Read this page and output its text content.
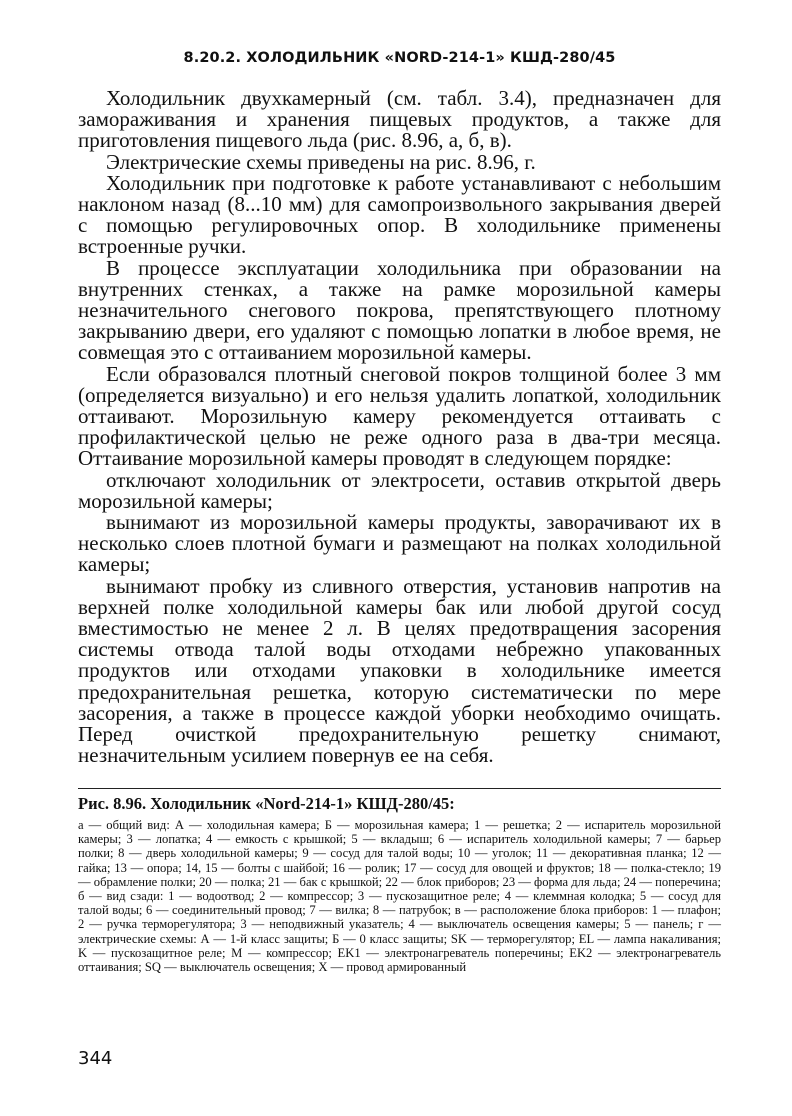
8.20.2. ХОЛОДИЛЬНИК «NORD-214-1» КШД-280/45

Холодильник двухкамерный (см. табл. 3.4), предназначен для замораживания и хранения пищевых продуктов, а также для приготовления пищевого льда (рис. 8.96, а, б, в).

Электрические схемы приведены на рис. 8.96, г.

Холодильник при подготовке к работе устанавливают с небольшим наклоном назад (8...10 мм) для самопроизвольного закрывания дверей с помощью регулировочных опор. В холодильнике применены встроенные ручки.

В процессе эксплуатации холодильника при образовании на внутренних стенках, а также на рамке морозильной камеры незначительного снегового покрова, препятствующего плотному закрыванию двери, его удаляют с помощью лопатки в любое время, не совмещая это с оттаиванием морозильной камеры.

Если образовался плотный снеговой покров толщиной более 3 мм (определяется визуально) и его нельзя удалить лопаткой, холодильник оттаивают. Морозильную камеру рекомендуется оттаивать с профилактической целью не реже одного раза в два-три месяца. Оттаивание морозильной камеры проводят в следующем порядке:

отключают холодильник от электросети, оставив открытой дверь морозильной камеры;

вынимают из морозильной камеры продукты, заворачивают их в несколько слоев плотной бумаги и размещают на полках холодильной камеры;

вынимают пробку из сливного отверстия, установив напротив на верхней полке холодильной камеры бак или любой другой сосуд вместимостью не менее 2 л. В целях предотвращения засорения системы отвода талой воды отходами небрежно упакованных продуктов или отходами упаковки в холодильнике имеется предохранительная решетка, которую систематически по мере засорения, а также в процессе каждой уборки необходимо очищать. Перед очисткой предохранительную решетку снимают, незначительным усилием повернув ее на себя.

Рис. 8.96. Холодильник «Nord-214-1» КШД-280/45:

а — общий вид: А — холодильная камера; Б — морозильная камера; 1 — решетка; 2 — испаритель морозильной камеры; 3 — лопатка; 4 — емкость с крышкой; 5 — вкладыш; 6 — испаритель холодильной камеры; 7 — барьер полки; 8 — дверь холодильной камеры; 9 — сосуд для талой воды; 10 — уголок; 11 — декоративная планка; 12 — гайка; 13 — опора; 14, 15 — болты с шайбой; 16 — ролик; 17 — сосуд для овощей и фруктов; 18 — полка-стекло; 19 — обрамление полки; 20 — полка; 21 — бак с крышкой; 22 — блок приборов; 23 — форма для льда; 24 — поперечина; б — вид сзади: 1 — водоотвод; 2 — компрессор; 3 — пускозащитное реле; 4 — клеммная колодка; 5 — сосуд для талой воды; 6 — соединительный провод; 7 — вилка; 8 — патрубок; в — расположение блока приборов: 1 — плафон; 2 — ручка терморегулятора; 3 — неподвижный указатель; 4 — выключатель освещения камеры; 5 — панель; г — электрические схемы: А — 1-й класс защиты; Б — 0 класс защиты; SK — терморегулятор; EL — лампа накаливания; K — пускозащитное реле; M — компрессор; EK1 — электронагреватель поперечины; EK2 — электронагреватель оттаивания; SQ — выключатель освещения; X — провод армированный

344
